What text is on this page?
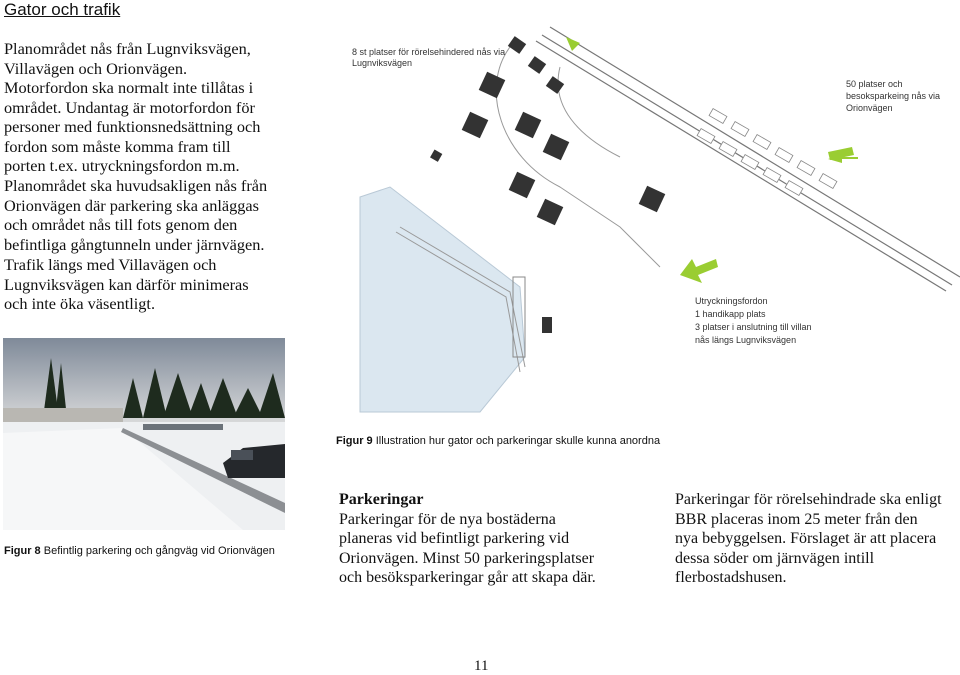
Gator och trafik
Planområdet nås från Lugnviksvägen,
Villavägen och Orionvägen.
Motorfordon ska normalt inte tillåtas i
området. Undantag är motorfordon för
personer med funktionsnedsättning och
fordon som måste komma fram till
porten t.ex. utryckningsfordon m.m.
Planområdet ska huvudsakligen nås från
Orionvägen där parkering ska anläggas
och området nås till fots genom den
befintliga gångtunneln under järnvägen.
Trafik längs med Villavägen och
Lugnviksvägen kan därför minimeras
och inte öka väsentligt.
8 st platser för rörelsehindered nås via Lugnviksvägen
50 platser och besoksparkeing nås via Orionvägen
Utryckningsfordon 1 handikapp plats 3 platser i anslutning till villan nås längs Lugnviksvägen
Figur 9 Illustration hur gator och parkeringar skulle kunna anordna
Figur 8 Befintlig parkering och gångväg vid Orionvägen
Parkeringar
Parkeringar för de nya bostäderna
planeras vid befintligt parkering vid
Orionvägen. Minst 50 parkeringsplatser
och besöksparkeringar går att skapa där.
Parkeringar för rörelsehindrade ska enligt
BBR placeras inom 25 meter från den
nya bebyggelsen. Förslaget är att placera
dessa söder om järnvägen intill
flerbostadshusen.
11
